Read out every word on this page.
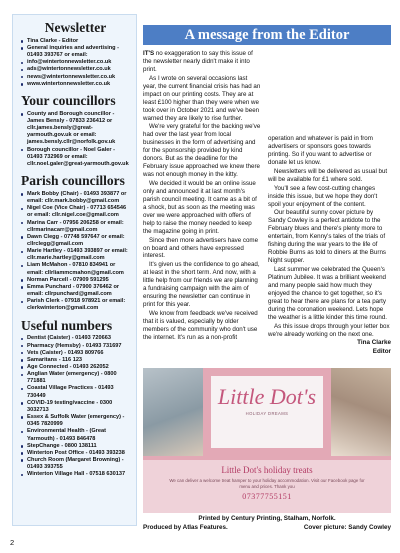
Newsletter
Tina Clarke - Editor
General inquiries and advertising - 01493 393767 or email:
info@wintertonnewsletter.co.uk
ads@wintertonnewsletter.co.uk
news@wintertonnewsletter.co.uk
www.wintertonnewsletter.co.uk
Your councillors
County and Borough councillor - James Bensly - 07833 236412 or cllr.james.bensly@great-yarmouth.gov.uk or email: james.bensly.cllr@norfolk.gov.uk
Borough councillor - Noel Galer - 01493 732969 or email: cllr.noel.galer@great-yarmouth.gov.uk
Parish councillors
Mark Bobby (Chair) - 01493 393877 or email: cllr.mark.bobby@gmail.com
Nigel Coe (Vice Chair) - 07713 654546 or email: cllr.nigel.coe@gmail.com
Marina Carr - 07956 206258 or email: cllrmarinacarr@gmail.com
Dawn Clegg - 07748 597647 or email: cllrclegg@gmail.com
Marie Hartley - 01493 393897 or email: cllr.marie.hartley@gmail.com
Liam McMahon - 07810 834941 or email: cllrliammcmahon@gmail.com
Norman Parcell - 07909 591295
Emma Punchard - 07900 376462 or email: cllrpunchard@gmail.com
Parish Clerk - 07918 978921 or email: clerkwinterton@gmail.com
Useful numbers
Dentist (Caister) - 01493 720663
Pharmacy (Hemsby) - 01493 731697
Vets (Caister) - 01493 809766
Samaritans - 116 123
Age Connected - 01493 262052
Anglian Water (emergency) - 0800 771881
Coastal Village Practices - 01493 730449
COVID-19 testing/vaccine - 0300 3032713
Essex & Suffolk Water (emergency) - 0345 7820999
Environmental Health - (Great Yarmouth) - 01493 846478
StepChange - 0800 138111
Winterton Post Office - 01493 393238
Church Room (Margaret Browning) - 01493 393755
Winterton Village Hall - 07518 630137
A message from the Editor

IT'S no exaggeration to say this issue of the newsletter nearly didn't make it into print.

As I wrote on several occasions last year, the current financial crisis has had an impact on our printing costs. They are at least £100 higher than they were when we took over in October 2021 and we've been warned they are likely to rise further.

We're very grateful for the backing we've had over the last year from local businesses in the form of advertising and for the sponsorship provided by kind donors. But as the deadline for the February issue approached we knew there was not enough money in the kitty.

We decided it would be an online issue only and announced it at last month's parish council meeting. It came as a bit of a shock, but as soon as the meeting was over we were approached with offers of help to raise the money needed to keep the magazine going in print.

Since then more advertisers have come on board and others have expressed interest.

It's given us the confidence to go ahead, at least in the short term. And now, with a little help from our friends we are planning a fundraising campaign with the aim of ensuring the newsletter can continue in print for this year.

We know from feedback we've received that it is valued, especially by older members of the community who don't use the internet. It's run as a non-profit

operation and whatever is paid in from advertisers or sponsors goes towards printing. So if you want to advertise or donate let us know.

Newsletters will be delivered as usual but will be available for £1 where sold.

You'll see a few cost-cutting changes inside this issue, but we hope they don't spoil your enjoyment of the content.

Our beautiful sunny cover picture by Sandy Cowley is a perfect antidote to the February blues and there's plenty more to entertain, from Kenny's tales of the trials of fishing during the war years to the life of Robbie Burns as told to diners at the Burns Night supper.

Last summer we celebrated the Queen's Platinum Jubilee. It was a brilliant weekend and many people said how much they enjoyed the chance to get together, so it's great to hear there are plans for a tea party during the coronation weekend. Lets hope the weather is a little kinder this time round.

As this issue drops through your letter box we're already working on the next one.

Tina Clarke
Editor
Little Dot's
HOLIDAY DREAMS
Little Dot's holiday treats
We can deliver a welcome treat hamper to your holiday accommodation. Visit our Facebook page for menu and prices. Thank you
07377755151
Printed by Century Printing, Stalham, Norfolk.
Produced by Atlas Features.	Cover picture: Sandy Cowley
2
